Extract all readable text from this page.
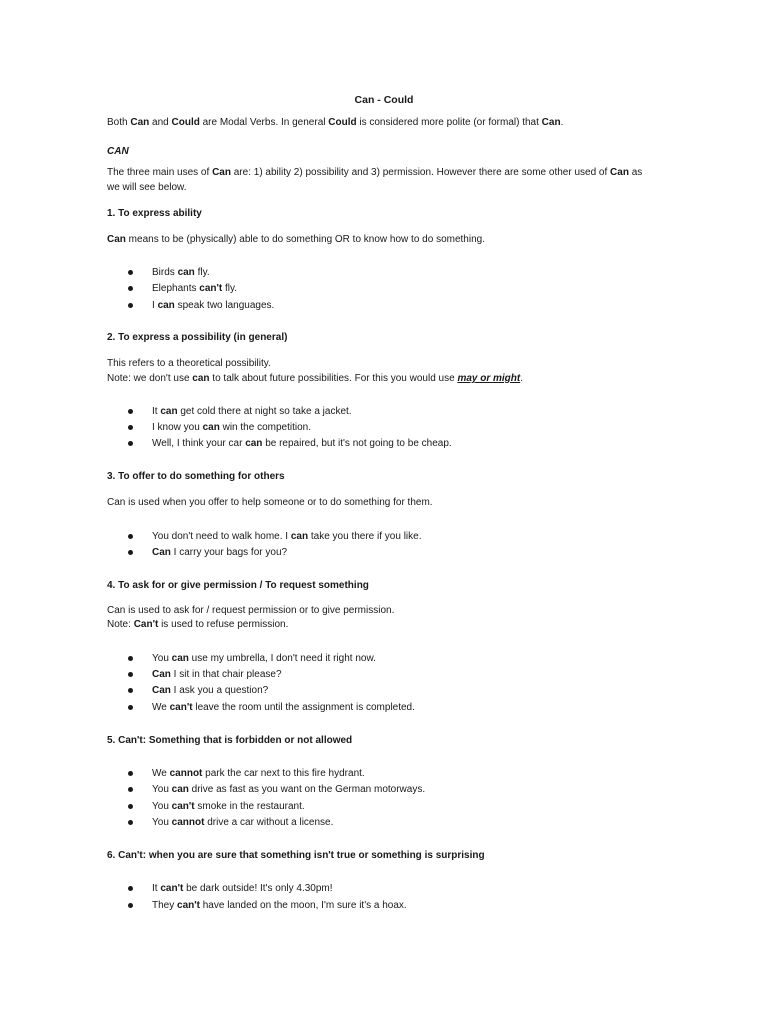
Can - Could
Both Can and Could are Modal Verbs. In general Could is considered more polite (or formal) that Can.
CAN
The three main uses of Can are: 1) ability 2) possibility and 3) permission. However there are some other used of Can as
we will see below.
1. To express ability
Can means to be (physically) able to do something OR to know how to do something.
Birds can fly.
Elephants can't fly.
I can speak two languages.
2. To express a possibility (in general)
This refers to a theoretical possibility.
Note: we don't use can to talk about future possibilities. For this you would use may or might.
It can get cold there at night so take a jacket.
I know you can win the competition.
Well, I think your car can be repaired, but it's not going to be cheap.
3. To offer to do something for others
Can is used when you offer to help someone or to do something for them.
You don't need to walk home. I can take you there if you like.
Can I carry your bags for you?
4. To ask for or give permission / To request something
Can is used to ask for / request permission or to give permission.
Note: Can't is used to refuse permission.
You can use my umbrella, I don't need it right now.
Can I sit in that chair please?
Can I ask you a question?
We can't leave the room until the assignment is completed.
5. Can't: Something that is forbidden or not allowed
We cannot park the car next to this fire hydrant.
You can drive as fast as you want on the German motorways.
You can't smoke in the restaurant.
You cannot drive a car without a license.
6. Can't: when you are sure that something isn't true or something is surprising
It can't be dark outside! It's only 4.30pm!
They can't have landed on the moon, I'm sure it's a hoax.
